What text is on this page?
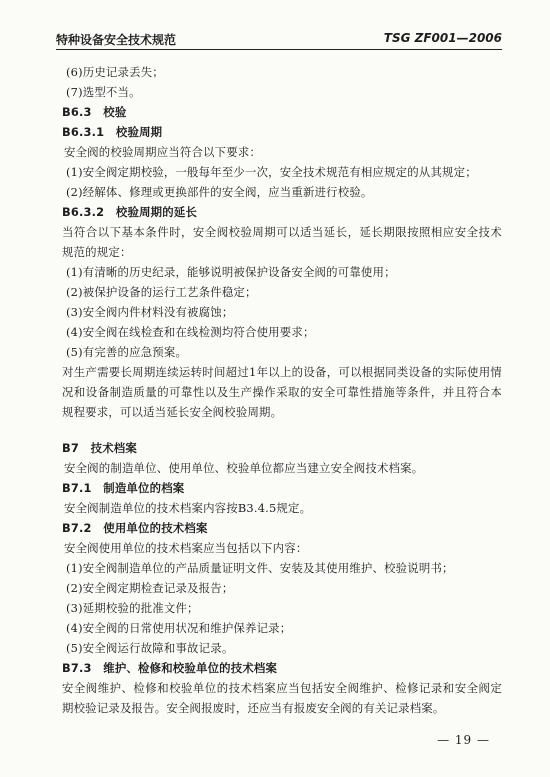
特种设备安全技术规范	TSG ZF001—2006
(6)历史记录丢失；
(7)选型不当。
B6.3　校验
B6.3.1　校验周期
安全阀的校验周期应当符合以下要求：
(1)安全阀定期校验，一般每年至少一次，安全技术规范有相应规定的从其规定；
(2)经解体、修理或更换部件的安全阀，应当重新进行校验。
B6.3.2　校验周期的延长
当符合以下基本条件时，安全阀校验周期可以适当延长，延长期限按照相应安全技术规范的规定：
(1)有清晰的历史纪录，能够说明被保护设备安全阀的可靠使用；
(2)被保护设备的运行工艺条件稳定；
(3)安全阀内件材料没有被腐蚀；
(4)安全阀在线检查和在线检测均符合使用要求；
(5)有完善的应急预案。
对生产需要长周期连续运转时间超过1年以上的设备，可以根据同类设备的实际使用情况和设备制造质量的可靠性以及生产操作采取的安全可靠性措施等条件，并且符合本规程要求，可以适当延长安全阀校验周期。
B7　技术档案
安全阀的制造单位、使用单位、校验单位都应当建立安全阀技术档案。
B7.1　制造单位的档案
安全阀制造单位的技术档案内容按B3.4.5规定。
B7.2　使用单位的技术档案
安全阀使用单位的技术档案应当包括以下内容：
(1)安全阀制造单位的产品质量证明文件、安装及其使用维护、校验说明书；
(2)安全阀定期检查记录及报告；
(3)延期校验的批准文件；
(4)安全阀的日常使用状况和维护保养记录；
(5)安全阀运行故障和事故记录。
B7.3　维护、检修和校验单位的技术档案
安全阀维护、检修和校验单位的技术档案应当包括安全阀维护、检修记录和安全阀定期校验记录及报告。安全阀报废时，还应当有报废安全阀的有关记录档案。
— 19 —
